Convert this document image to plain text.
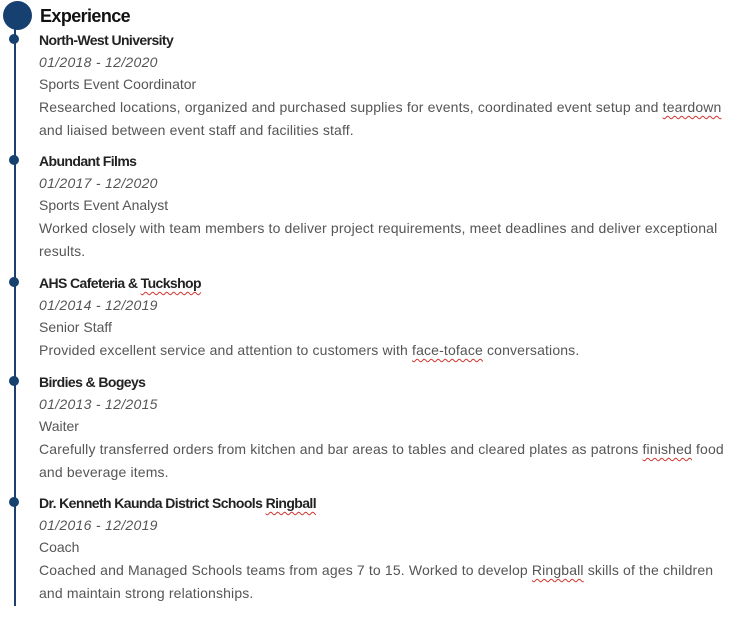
Experience
North-West University
01/2018 - 12/2020
Sports Event Coordinator
Researched locations, organized and purchased supplies for events, coordinated event setup and teardown and liaised between event staff and facilities staff.
Abundant Films
01/2017 - 12/2020
Sports Event Analyst
Worked closely with team members to deliver project requirements, meet deadlines and deliver exceptional results.
AHS Cafeteria & Tuckshop
01/2014 - 12/2019
Senior Staff
Provided excellent service and attention to customers with face-toface conversations.
Birdies & Bogeys
01/2013 - 12/2015
Waiter
Carefully transferred orders from kitchen and bar areas to tables and cleared plates as patrons finished food and beverage items.
Dr. Kenneth Kaunda District Schools Ringball
01/2016 - 12/2019
Coach
Coached and Managed Schools teams from ages 7 to 15. Worked to develop Ringball skills of the children and maintain strong relationships.
